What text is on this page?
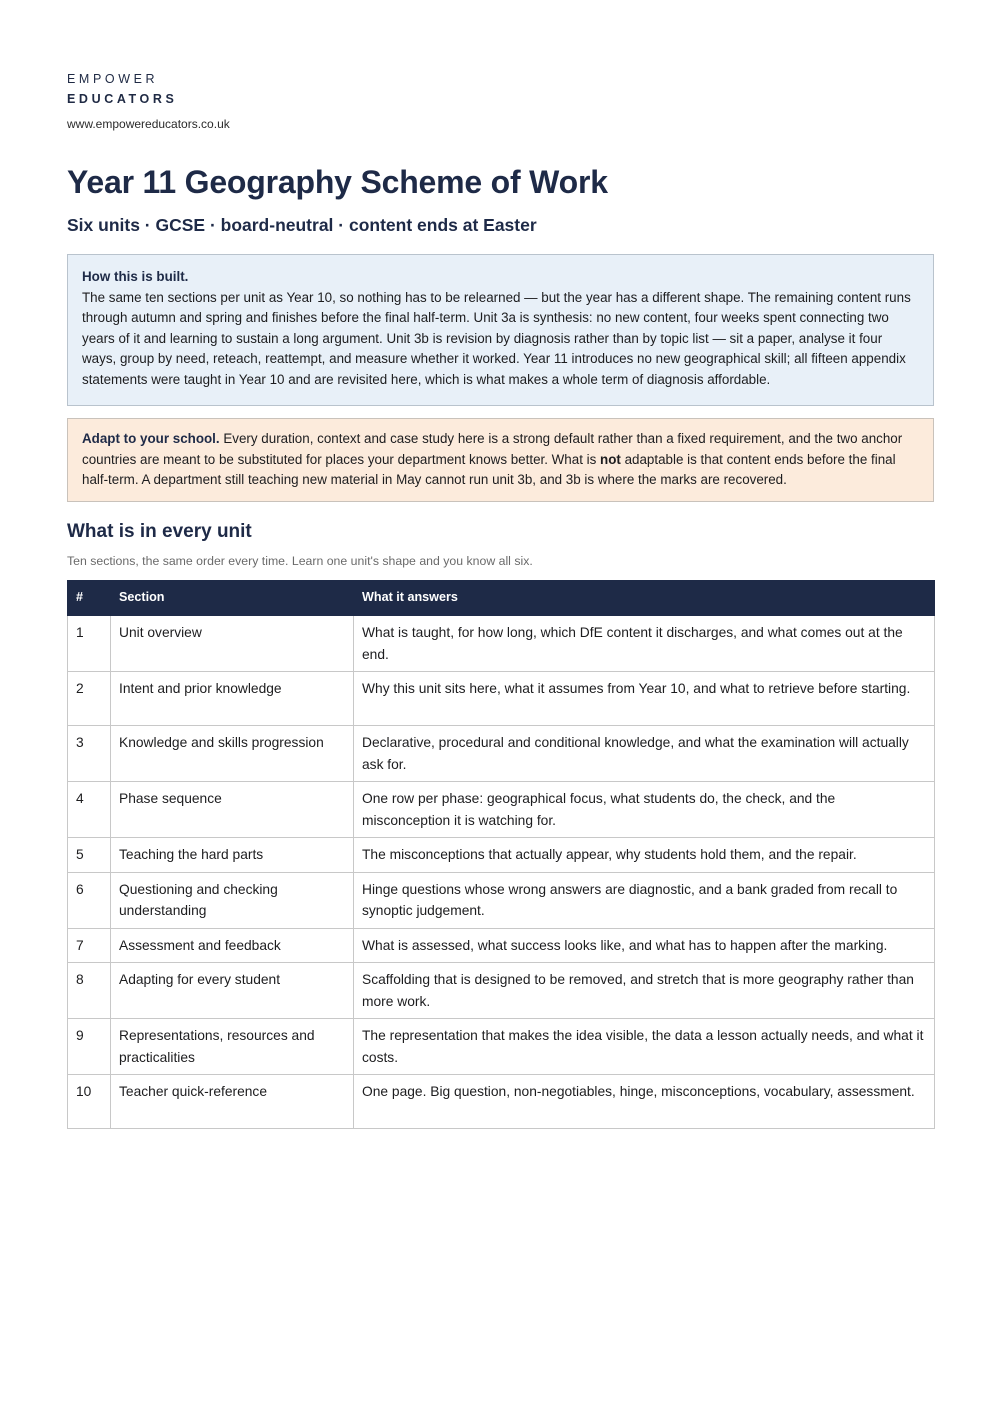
EMPOWER
EDUCATORS
www.empowereducators.co.uk
Year 11 Geography Scheme of Work
Six units · GCSE · board-neutral · content ends at Easter
How this is built.
The same ten sections per unit as Year 10, so nothing has to be relearned — but the year has a different shape. The remaining content runs through autumn and spring and finishes before the final half-term. Unit 3a is synthesis: no new content, four weeks spent connecting two years of it and learning to sustain a long argument. Unit 3b is revision by diagnosis rather than by topic list — sit a paper, analyse it four ways, group by need, reteach, reattempt, and measure whether it worked. Year 11 introduces no new geographical skill; all fifteen appendix statements were taught in Year 10 and are revisited here, which is what makes a whole term of diagnosis affordable.
Adapt to your school. Every duration, context and case study here is a strong default rather than a fixed requirement, and the two anchor countries are meant to be substituted for places your department knows better. What is not adaptable is that content ends before the final half-term. A department still teaching new material in May cannot run unit 3b, and 3b is where the marks are recovered.
What is in every unit
Ten sections, the same order every time. Learn one unit's shape and you know all six.
#	Section	What it answers
1	Unit overview	What is taught, for how long, which DfE content it discharges, and what comes out at the end.
2	Intent and prior knowledge	Why this unit sits here, what it assumes from Year 10, and what to retrieve before starting.
3	Knowledge and skills progression	Declarative, procedural and conditional knowledge, and what the examination will actually ask for.
4	Phase sequence	One row per phase: geographical focus, what students do, the check, and the misconception it is watching for.
5	Teaching the hard parts	The misconceptions that actually appear, why students hold them, and the repair.
6	Questioning and checking understanding	Hinge questions whose wrong answers are diagnostic, and a bank graded from recall to synoptic judgement.
7	Assessment and feedback	What is assessed, what success looks like, and what has to happen after the marking.
8	Adapting for every student	Scaffolding that is designed to be removed, and stretch that is more geography rather than more work.
9	Representations, resources and practicalities	The representation that makes the idea visible, the data a lesson actually needs, and what it costs.
10	Teacher quick-reference	One page. Big question, non-negotiables, hinge, misconceptions, vocabulary, assessment.
